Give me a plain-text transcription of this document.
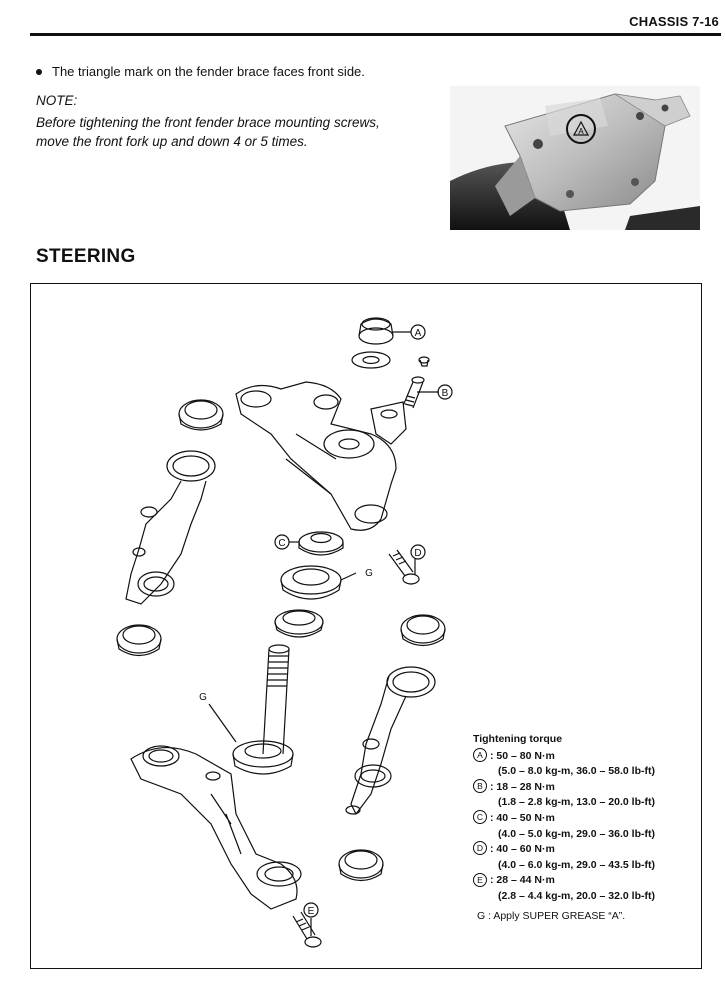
CHASSIS 7-16
The triangle mark on the fender brace faces front side.
NOTE:
Before tightening the front fender brace mounting screws,
move the front fork up and down 4 or 5 times.
A
STEERING
A
B
C
G
D
G
E
Tightening torque
A : 50 – 80 N·m
(5.0 – 8.0 kg-m, 36.0 – 58.0 lb-ft)
B : 18 – 28 N·m
(1.8 – 2.8 kg-m, 13.0 – 20.0 lb-ft)
C : 40 – 50 N·m
(4.0 – 5.0 kg-m, 29.0 – 36.0 lb-ft)
D : 40 – 60 N·m
(4.0 – 6.0 kg-m, 29.0 – 43.5 lb-ft)
E : 28 – 44 N·m
(2.8 – 4.4 kg-m, 20.0 – 32.0 lb-ft)
G : Apply SUPER GREASE “A”.
